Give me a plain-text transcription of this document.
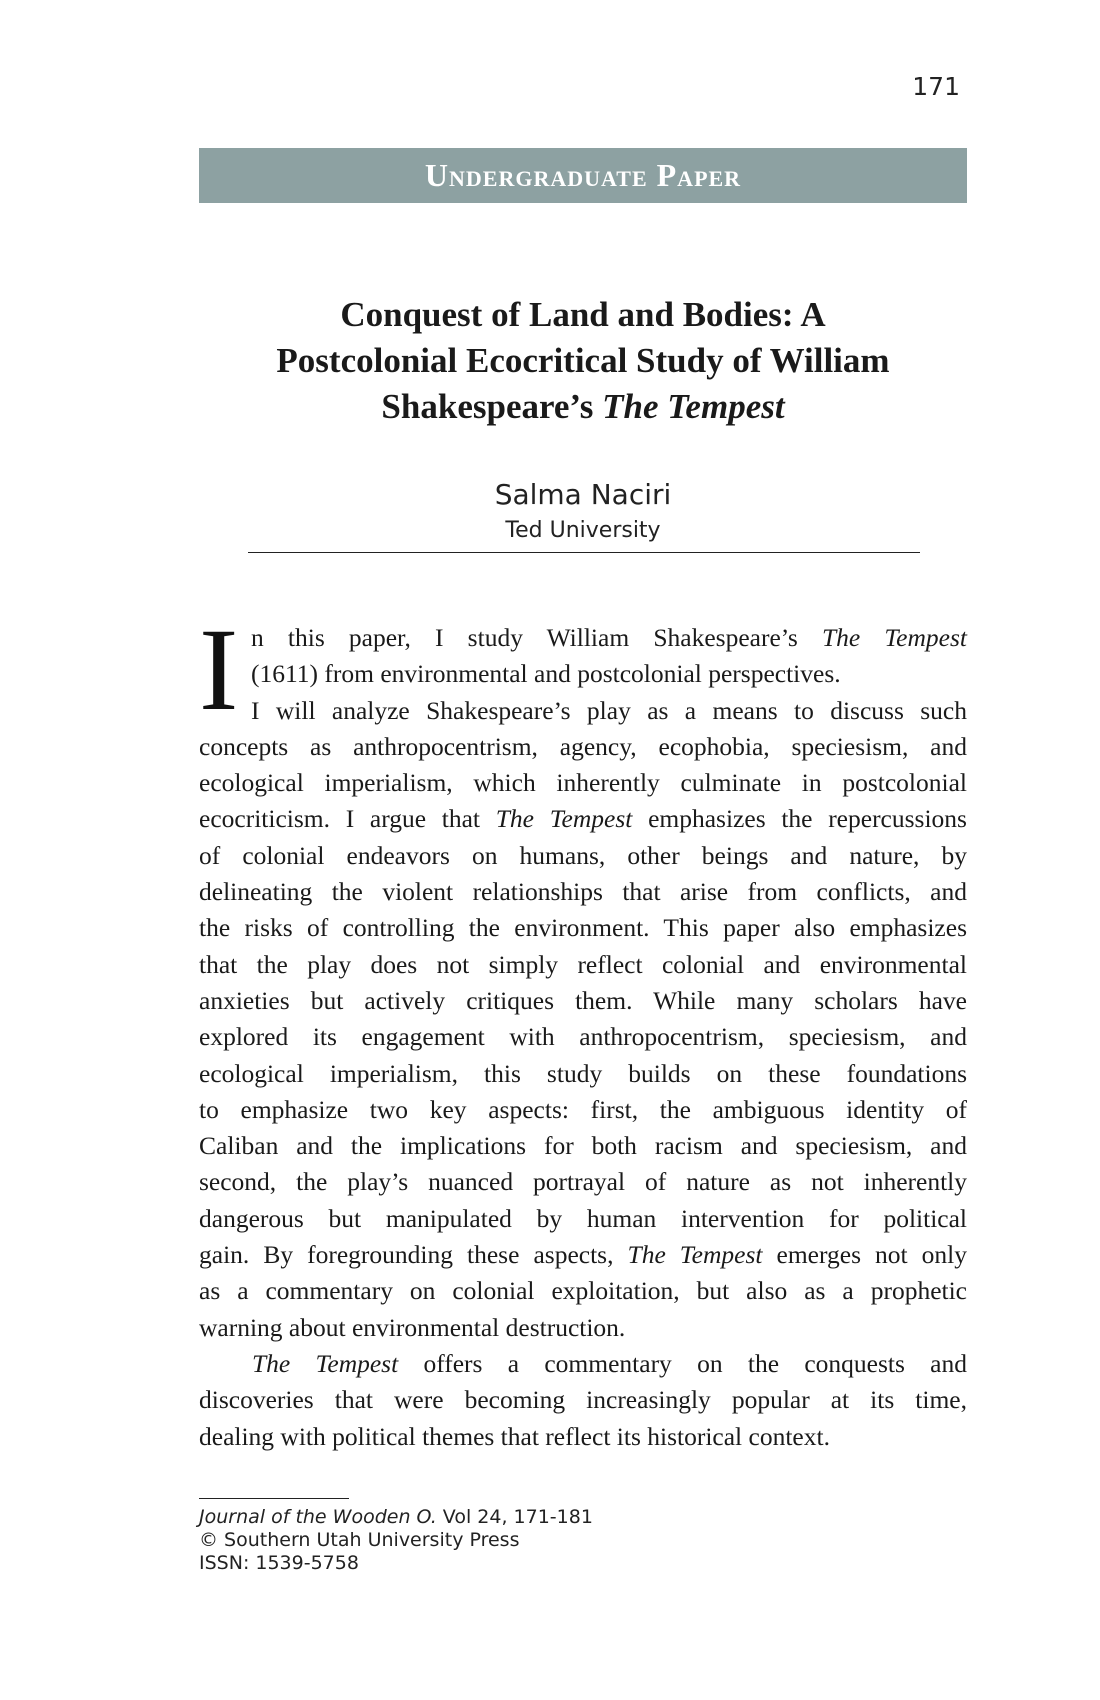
171
Undergraduate Paper
Conquest of Land and Bodies: A
Postcolonial Ecocritical Study of William
Shakespeare’s The Tempest
Salma Naciri
Ted University
I n this paper, I study William Shakespeare’s The Tempest
(1611) from environmental and postcolonial perspectives.
I will analyze Shakespeare’s play as a means to discuss such
concepts as anthropocentrism, agency, ecophobia, speciesism, and
ecological imperialism, which inherently culminate in postcolonial
ecocriticism. I argue that The Tempest emphasizes the repercussions
of colonial endeavors on humans, other beings and nature, by
delineating the violent relationships that arise from conflicts, and
the risks of controlling the environment. This paper also emphasizes
that the play does not simply reflect colonial and environmental
anxieties but actively critiques them. While many scholars have
explored its engagement with anthropocentrism, speciesism, and
ecological imperialism, this study builds on these foundations
to emphasize two key aspects: first, the ambiguous identity of
Caliban and the implications for both racism and speciesism, and
second, the play’s nuanced portrayal of nature as not inherently
dangerous but manipulated by human intervention for political
gain. By foregrounding these aspects, The Tempest emerges not only
as a commentary on colonial exploitation, but also as a prophetic
warning about environmental destruction.
The Tempest offers a commentary on the conquests and
discoveries that were becoming increasingly popular at its time,
dealing with political themes that reflect its historical context.
Journal of the Wooden O. Vol 24, 171-181
© Southern Utah University Press
ISSN: 1539-5758
